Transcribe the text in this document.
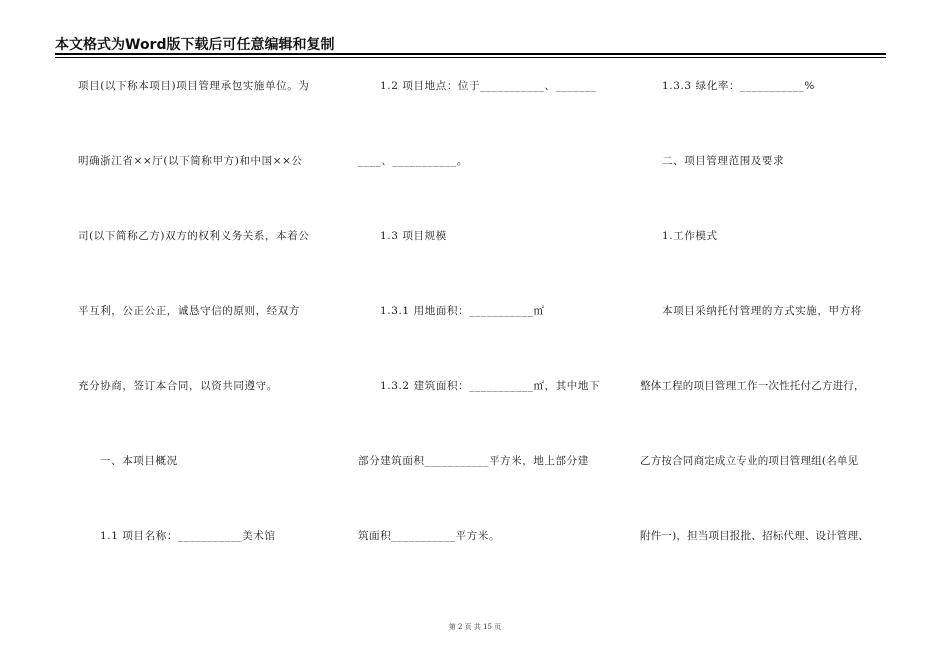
本文格式为Word版下载后可任意编辑和复制
项目(以下称本项目)项目管理承包实施单位。为
明确浙江省××厅(以下简称甲方)和中国××公
司(以下简称乙方)双方的权利义务关系，本着公
平互利，公正公正，诚恳守信的原则，经双方
充分协商，签订本合同，以资共同遵守。
一、本项目概况
1.1 项目名称：___________美术馆
1.2 项目地点：位于___________、_______
____、___________。
1.3 项目规模
1.3.1 用地面积：___________㎡
1.3.2 建筑面积：___________㎡，其中地下
部分建筑面积___________平方米，地上部分建
筑面积___________平方米。
1.3.3 绿化率：___________%
二、项目管理范围及要求
1.工作模式
本项目采纳托付管理的方式实施，甲方将
整体工程的项目管理工作一次性托付乙方进行，
乙方按合同商定成立专业的项目管理组(名单见
附件一)，担当项目报批、招标代理、设计管理、
第 2 页 共 15 页
